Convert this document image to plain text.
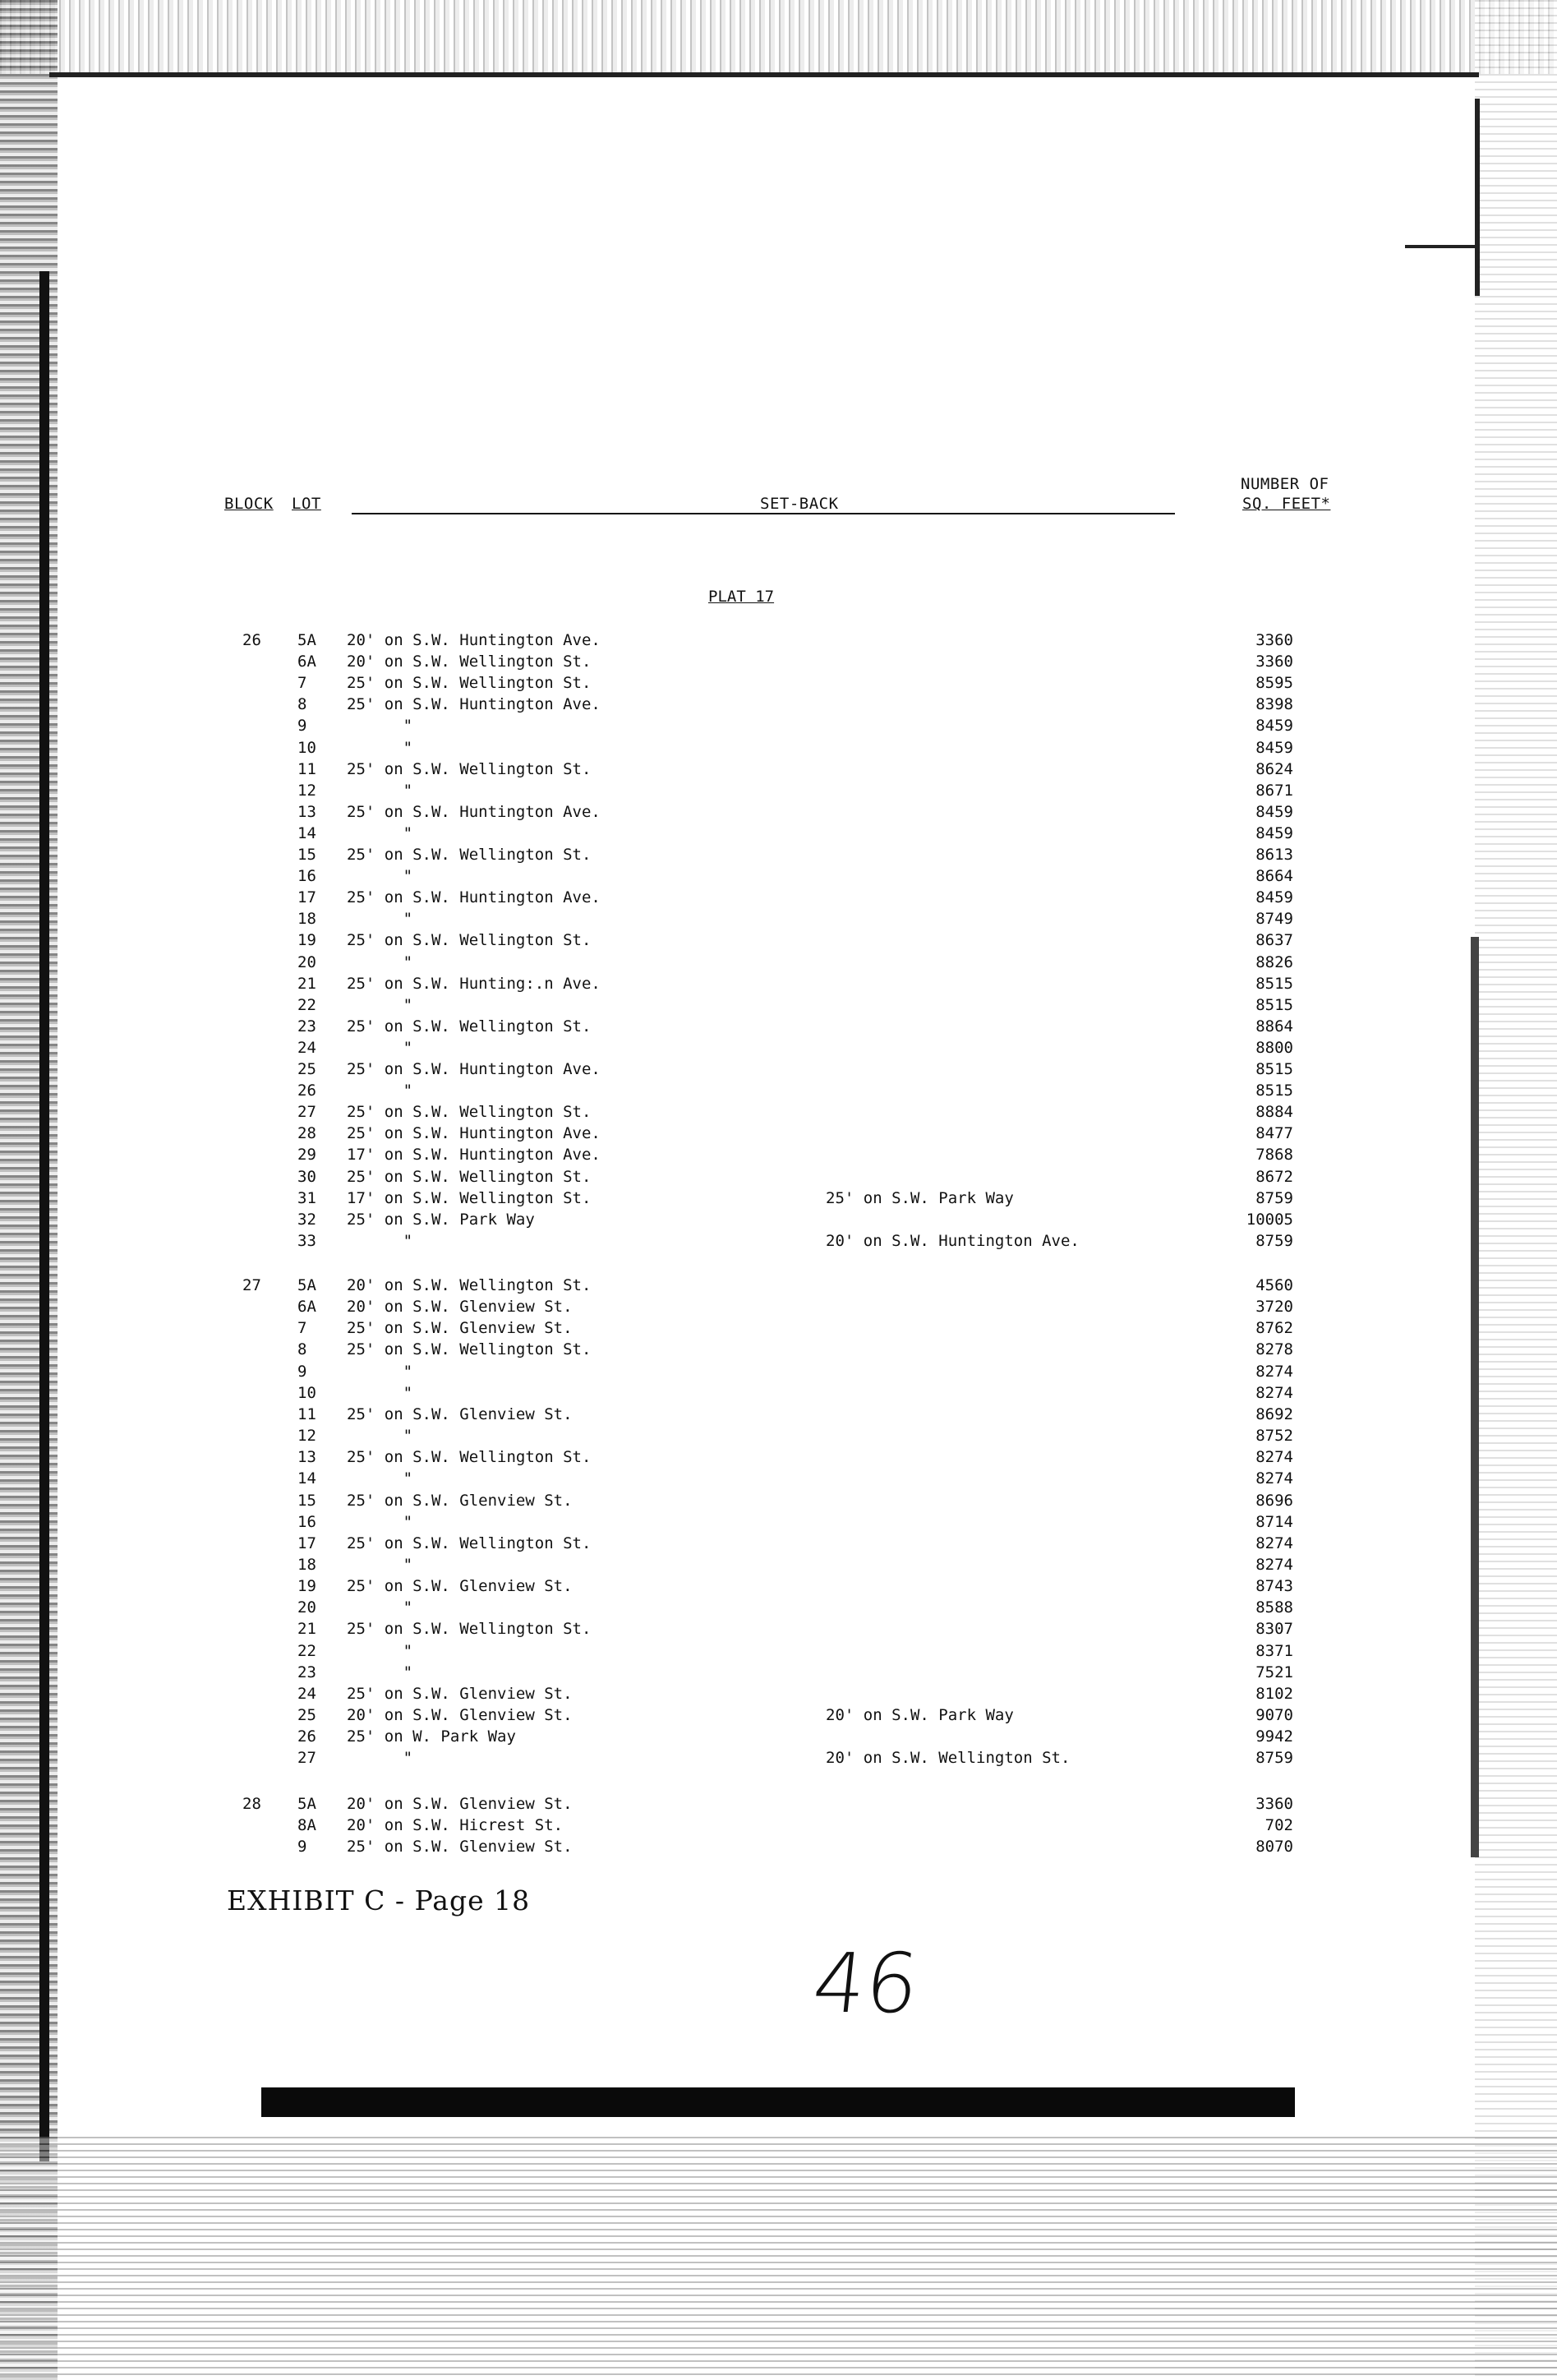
BLOCK LOT	SET-BACK
NUMBER OF
SQ. FEET*
PLAT 17
26 5A 20' on S.W. Huntington Ave.	3360
6A 20' on S.W. Wellington St.	3360
7	25' on S.W. Wellington St.	8595
8	25' on S.W. Huntington Ave.	8398
9	"	8459
10 "	8459
11 25' on S.W. Wellington St.	8624
12 "	8671
13 25' on S.W. Huntington Ave.	8459
14 "	8459
15 25' on S.W. Wellington St.	8613
16 "	8664
17 25' on S.W. Huntington Ave.	8459
18 "	8749
19 25' on S.W. Wellington St.	8637
20 "	8826
21 25' on S.W. Hunting:.n Ave.	8515
22 "	8515
23 25' on S.W. Wellington St.	8864
24 "	8800
25 25' on S.W. Huntington Ave.	8515
26 "	8515
27 25' on S.W. Wellington St.	8884
28 25' on S.W. Huntington Ave.	8477
29 17' on S.W. Huntington Ave.	7868
30 25' on S.W. Wellington St.	8672
31 17' on S.W. Wellington St.	25' on S.W. Park Way	8759
32 25' on S.W. Park Way	10005
33 "	20' on S.W. Huntington Ave.	8759
27 5A 20' on S.W. Wellington St.	4560
6A 20' on S.W. Glenview St.	3720
7	25' on S.W. Glenview St.	8762
8	25' on S.W. Wellington St.	8278
9	"	8274
10 "	8274
11 25' on S.W. Glenview St.	8692
12 "	8752
13 25' on S.W. Wellington St.	8274
14 "	8274
15 25' on S.W. Glenview St.	8696
16 "	8714
17 25' on S.W. Wellington St.	8274
18 "	8274
19 25' on S.W. Glenview St.	8743
20 "	8588
21 25' on S.W. Wellington St.	8307
22 "	8371
23 "	7521
24 25' on S.W. Glenview St.	8102
25 20' on S.W. Glenview St.	20' on S.W. Park Way	9070
26 25' on W. Park Way	9942
27 "	20' on S.W. Wellington St.	8759
28 5A 20' on S.W. Glenview St.	3360
8A 20' on S.W. Hicrest St.	702
9	25' on S.W. Glenview St.	8070
EXHIBIT C - Page 18
46
